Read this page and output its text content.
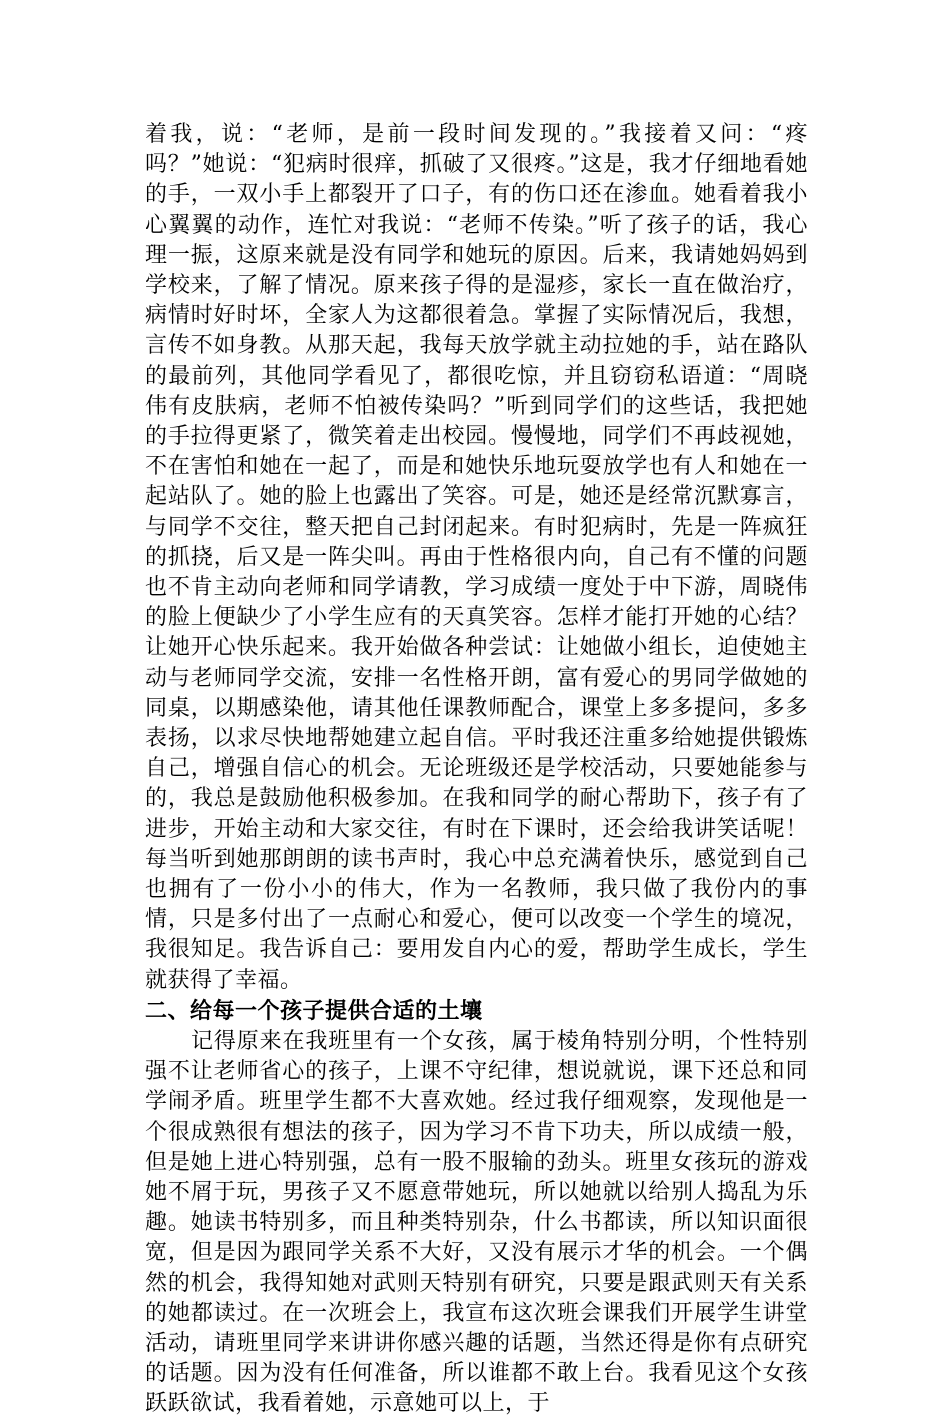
着我，说：“老师，是前一段时间发现的。”我接着又问：“疼吗？”她说：“犯病时很痒，抓破了又很疼。”这是，我才仔细地看她的手，一双小手上都裂开了口子，有的伤口还在渗血。她看着我小心翼翼的动作，连忙对我说：“老师不传染。”听了孩子的话，我心理一振，这原来就是没有同学和她玩的原因。后来，我请她妈妈到学校来，了解了情况。原来孩子得的是湿疹，家长一直在做治疗，病情时好时坏，全家人为这都很着急。掌握了实际情况后，我想，言传不如身教。从那天起，我每天放学就主动拉她的手，站在路队的最前列，其他同学看见了，都很吃惊，并且窃窃私语道：“周晓伟有皮肤病，老师不怕被传染吗？”听到同学们的这些话，我把她的手拉得更紧了，微笑着走出校园。慢慢地，同学们不再歧视她，不在害怕和她在一起了，而是和她快乐地玩耍放学也有人和她在一起站队了。她的脸上也露出了笑容。可是，她还是经常沉默寡言，与同学不交往，整天把自己封闭起来。有时犯病时，先是一阵疯狂的抓挠，后又是一阵尖叫。再由于性格很内向，自己有不懂的问题也不肯主动向老师和同学请教，学习成绩一度处于中下游，周晓伟的脸上便缺少了小学生应有的天真笑容。怎样才能打开她的心结？让她开心快乐起来。我开始做各种尝试：让她做小组长，迫使她主动与老师同学交流，安排一名性格开朗，富有爱心的男同学做她的同桌，以期感染他，请其他任课教师配合，课堂上多多提问，多多表扬，以求尽快地帮她建立起自信。平时我还注重多给她提供锻炼自己，增强自信心的机会。无论班级还是学校活动，只要她能参与的，我总是鼓励他积极参加。在我和同学的耐心帮助下，孩子有了进步，开始主动和大家交往，有时在下课时，还会给我讲笑话呢！每当听到她那朗朗的读书声时，我心中总充满着快乐，感觉到自己也拥有了一份小小的伟大，作为一名教师，我只做了我份内的事情，只是多付出了一点耐心和爱心，便可以改变一个学生的境况，我很知足。我告诉自己：要用发自内心的爱，帮助学生成长，学生就获得了幸福。

二、给每一个孩子提供合适的土壤

记得原来在我班里有一个女孩，属于棱角特别分明，个性特别强不让老师省心的孩子，上课不守纪律，想说就说，课下还总和同学闹矛盾。班里学生都不大喜欢她。经过我仔细观察，发现他是一个很成熟很有想法的孩子，因为学习不肯下功夫，所以成绩一般，但是她上进心特别强，总有一股不服输的劲头。班里女孩玩的游戏她不屑于玩，男孩子又不愿意带她玩，所以她就以给别人捣乱为乐趣。她读书特别多，而且种类特别杂，什么书都读，所以知识面很宽，但是因为跟同学关系不大好，又没有展示才华的机会。一个偶然的机会，我得知她对武则天特别有研究，只要是跟武则天有关系的她都读过。在一次班会上，我宣布这次班会课我们开展学生讲堂活动，请班里同学来讲讲你感兴趣的话题，当然还得是你有点研究的话题。因为没有任何准备，所以谁都不敢上台。我看见这个女孩跃跃欲试，我看着她，示意她可以上，于
